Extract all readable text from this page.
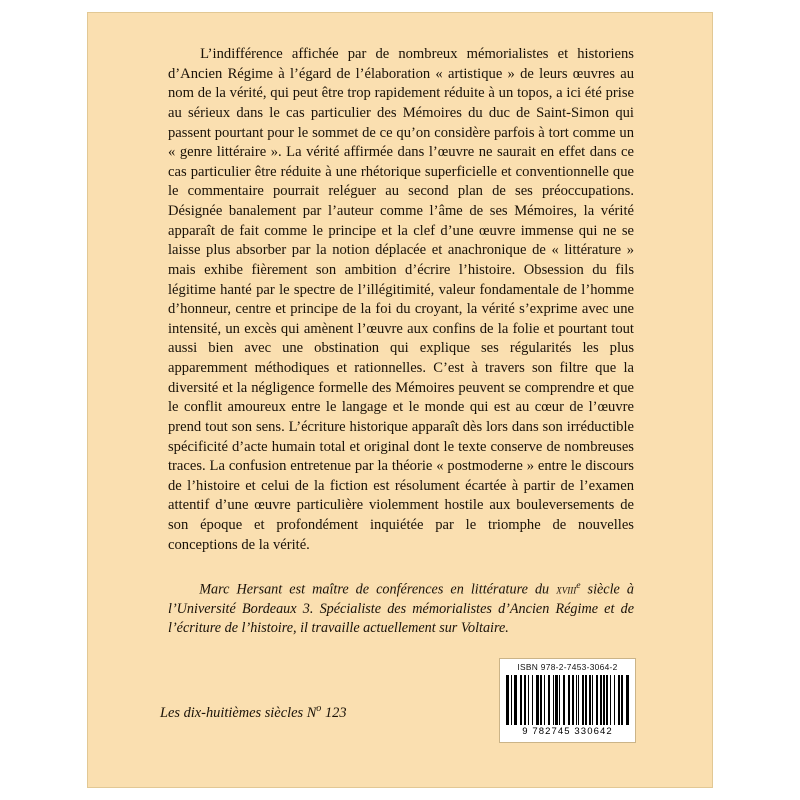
L’indifférence affichée par de nombreux mémorialistes et historiens d’Ancien Régime à l’égard de l’élaboration « artistique » de leurs œuvres au nom de la vérité, qui peut être trop rapidement réduite à un topos, a ici été prise au sérieux dans le cas particulier des Mémoires du duc de Saint-Simon qui passent pourtant pour le sommet de ce qu’on considère parfois à tort comme un « genre littéraire ». La vérité affirmée dans l’œuvre ne saurait en effet dans ce cas particulier être réduite à une rhétorique superficielle et conventionnelle que le commentaire pourrait reléguer au second plan de ses préoccupations. Désignée banalement par l’auteur comme l’âme de ses Mémoires, la vérité apparaît de fait comme le principe et la clef d’une œuvre immense qui ne se laisse plus absorber par la notion déplacée et anachronique de « littérature » mais exhibe fièrement son ambition d’écrire l’histoire. Obsession du fils légitime hanté par le spectre de l’illégitimité, valeur fondamentale de l’homme d’honneur, centre et principe de la foi du croyant, la vérité s’exprime avec une intensité, un excès qui amènent l’œuvre aux confins de la folie et pourtant tout aussi bien avec une obstination qui explique ses régularités les plus apparemment méthodiques et rationnelles. C’est à travers son filtre que la diversité et la négligence formelle des Mémoires peuvent se comprendre et que le conflit amoureux entre le langage et le monde qui est au cœur de l’œuvre prend tout son sens. L’écriture historique apparaît dès lors dans son irréductible spécificité d’acte humain total et original dont le texte conserve de nombreuses traces. La confusion entretenue par la théorie « postmoderne » entre le discours de l’histoire et celui de la fiction est résolument écartée à partir de l’examen attentif d’une œuvre particulière violemment hostile aux bouleversements de son époque et profondément inquiétée par le triomphe de nouvelles conceptions de la vérité.

Marc Hersant est maître de conférences en littérature du xviii$^e$ siècle à l’Université Bordeaux 3. Spécialiste des mémorialistes d’Ancien Régime et de l’écriture de l’histoire, il travaille actuellement sur Voltaire.

Les dix-huitièmes siècles $N^o$ 123
ISBN 978-2-7453-3064-2
9 782745 330642
